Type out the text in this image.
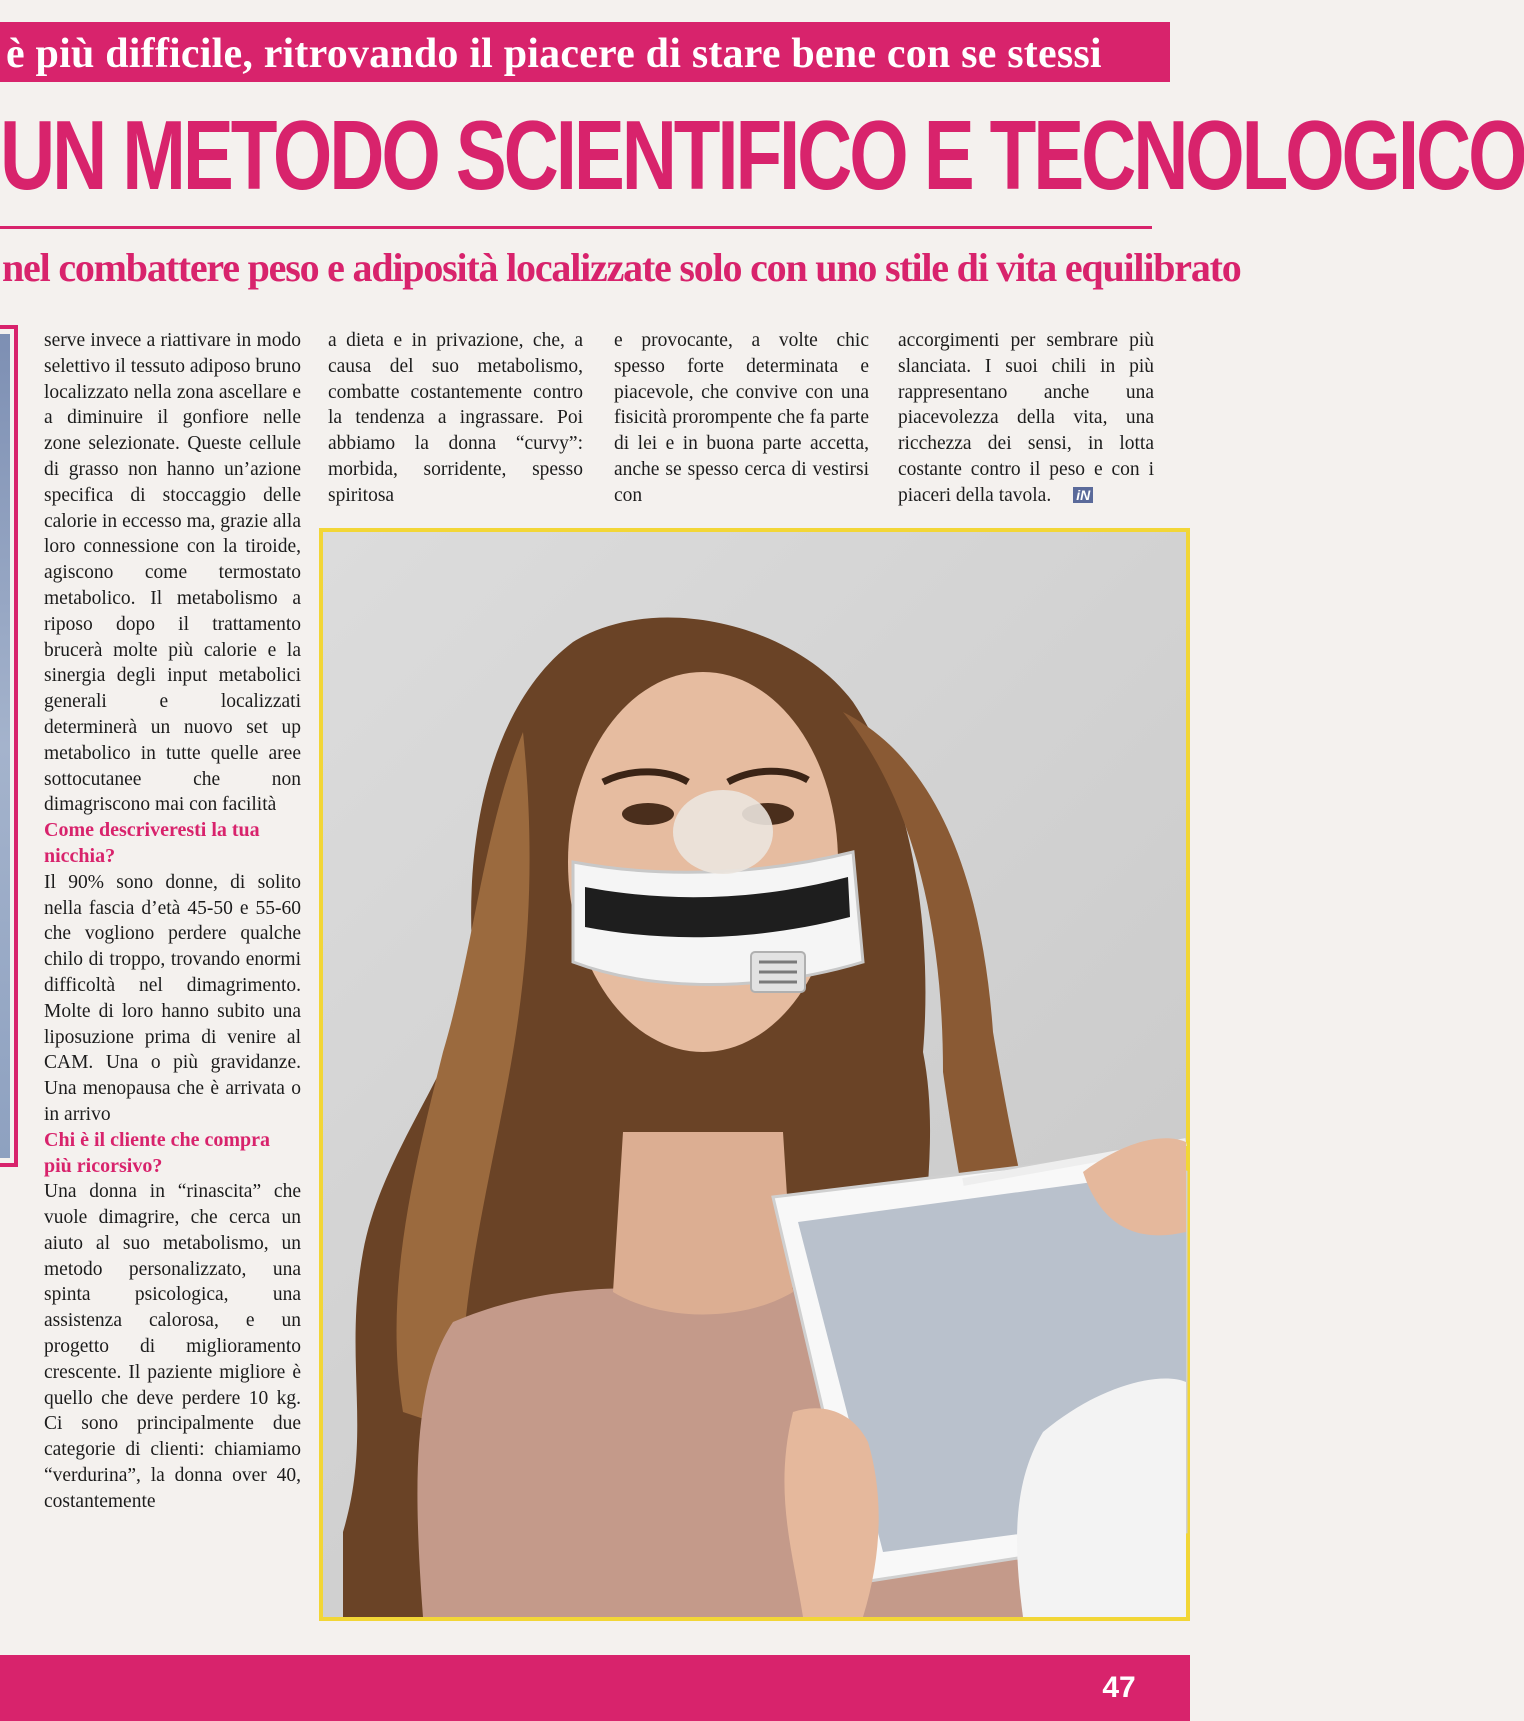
è più difficile, ritrovando il piacere di stare bene con se stessi
UN METODO SCIENTIFICO E TECNOLOGICO
nel combattere peso e adiposità localizzate solo con uno stile di vita equilibrato

serve invece a riattivare in modo selettivo il tessuto adiposo bruno localizzato nella zona ascellare e a diminuire il gonfiore nelle zone selezionate. Queste cellule di grasso non hanno un’azione specifica di stoccaggio delle calorie in eccesso ma, grazie alla loro connessione con la tiroide, agiscono come termostato metabolico. Il metabolismo a riposo dopo il trattamento brucerà molte più calorie e la sinergia degli input metabolici generali e localizzati determinerà un nuovo set up metabolico in tutte quelle aree sottocutanee che non dimagriscono mai con facilità

Come descriveresti la tua nicchia?

Il 90% sono donne, di solito nella fascia d’età 45-50 e 55-60 che vogliono perdere qualche chilo di troppo, trovando enormi difficoltà nel dimagrimento. Molte di loro hanno subito una liposuzione prima di venire al CAM. Una o più gravidanze. Una menopausa che è arrivata o in arrivo

Chi è il cliente che compra più ricorsivo?

Una donna in “rinascita” che vuole dimagrire, che cerca un aiuto al suo metabolismo, un metodo personalizzato, una spinta psicologica, una assistenza calorosa, e un progetto di miglioramento crescente. Il paziente migliore è quello che deve perdere 10 kg. Ci sono principalmente due categorie di clienti: chiamiamo “verdurina”, la donna over 40, costantemente

a dieta e in privazione, che, a causa del suo metabolismo, combatte costantemente contro la tendenza a ingrassare. Poi abbiamo la donna “curvy”: morbida, sorridente, spesso spiritosa

e provocante, a volte chic spesso forte determinata e piacevole, che convive con una fisicità prorompente che fa parte di lei e in buona parte accetta, anche se spesso cerca di vestirsi con

accorgimenti per sembrare più slanciata. I suoi chili in più rappresentano anche una piacevolezza della vita, una ricchezza dei sensi, in lotta costante contro il peso e con i piaceri della tavola. iN

47
